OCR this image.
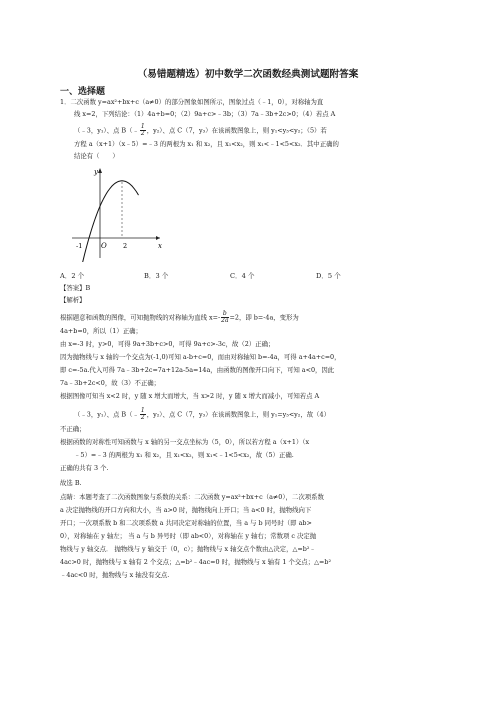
（易错题精选）初中数学二次函数经典测试题附答案
一、选择题
1．二次函数 y=ax²+bx+c（a≠0）的部分图象如图所示，图象过点（﹣1，0），对称轴为直
线 x=2，下列结论：（1）4a+b=0；（2）9a+c>﹣3b；（3）7a﹣3b+2c>0；（4）若点 A
（﹣3，y₁）、点 B（﹣ $\frac{1}{2}$ ，y₂）、点 C（7，y₃）在该函数图象上，则 y₁<y₃<y₂；（5）若
方程 a（x+1）（x﹣5）=﹣3 的两根为 x₁ 和 x₂，且 x₁<x₂，则 x₁<﹣1<5<x₂．其中正确的
结论有（　　）
y
x
-1	O	2
A．2 个	B．3 个	C．4 个	D．5 个
【答案】B
【解析】
根据题意和函数的图像，可知抛物线的对称轴为直线 $x=- \frac{b}{2a} =2$，即 b=-4a，变形为
4a+b=0，所以（1）正确；
由 x=-3 时，y>0，可得 9a+3b+c>0，可得 9a+c>-3c，故（2）正确；
因为抛物线与 x 轴的一个交点为(-1,0)可知 a-b+c=0，而由对称轴知 b=-4a，可得 a+4a+c=0，
即 c=-5a.代入可得 7a﹣3b+2c=7a+12a-5a=14a，由函数的图像开口向下，可知 a<0，因此
7a﹣3b+2c<0，故（3）不正确；
根据图像可知当 x<2 时，y 随 x 增大而增大，当 x>2 时，y 随 x 增大而减小，可知若点 A
（﹣3，y₁）、点 B（﹣ $\frac{1}{2}$ ，y₂）、点 C（7，y₃）在该函数图象上，则 y₁=y₃<y₂，故（4）
不正确；
根据函数的对称性可知函数与 x 轴的另一交点坐标为（5，0），所以若方程 a（x+1）（x
﹣5）=﹣3 的两根为 x₁ 和 x₂，且 x₁<x₂，则 x₁<﹣1<5<x₂，故（5）正确.
正确的共有 3 个.
故选 B.
点睛：本题考查了二次函数图象与系数的关系：二次函数 y=ax²+bx+c（a≠0），二次项系数
a 决定抛物线的开口方向和大小，当 a>0 时，抛物线向上开口；当 a<0 时，抛物线向下
开口；一次项系数 b 和二次项系数 a 共同决定对称轴的位置，当 a 与 b 同号时（即 ab>
0），对称轴在 y 轴左； 当 a 与 b 异号时（即 ab<0），对称轴在 y 轴右；常数项 c 决定抛
物线与 y 轴交点． 抛物线与 y 轴交于（0，c）；抛物线与 x 轴交点个数由△决定，△=b²﹣
4ac>0 时，抛物线与 x 轴有 2 个交点；△=b²﹣4ac=0 时，抛物线与 x 轴有 1 个交点；△=b²
﹣4ac<0 时，抛物线与 x 轴没有交点.
